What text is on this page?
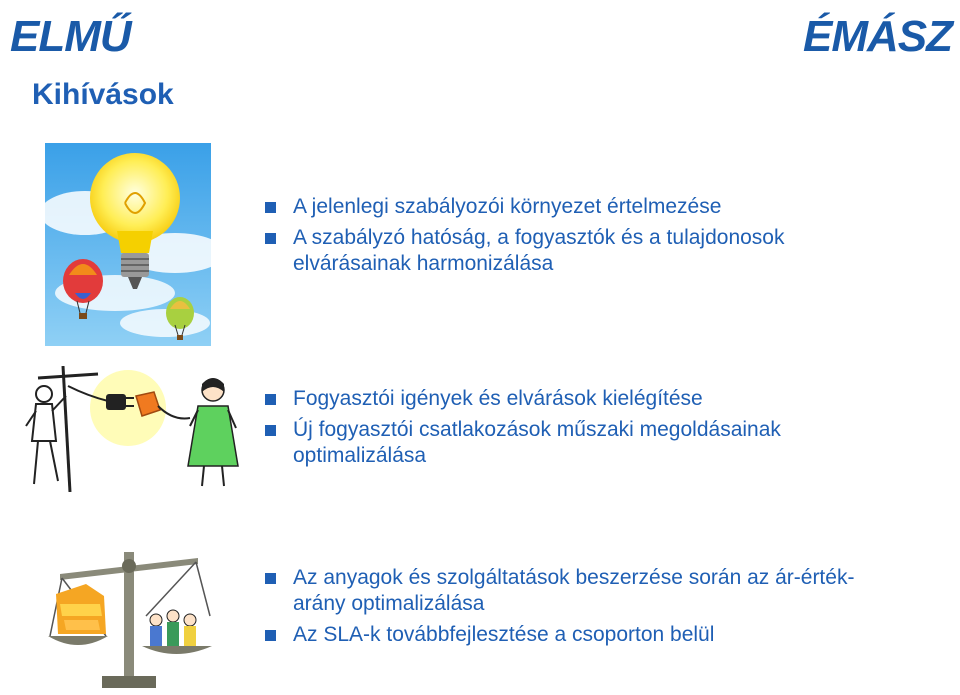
ELMŰ	ÉMÁSZ
Kihívások
A jelenlegi szabályozói környezet értelmezése
A szabályzó hatóság, a fogyasztók és a tulajdonosok elvárásainak harmonizálása
Fogyasztói igények és elvárások kielégítése
Új fogyasztói csatlakozások műszaki megoldásainak optimalizálása
Az anyagok és szolgáltatások beszerzése során az ár-érték-arány optimalizálása
Az SLA-k továbbfejlesztése a csoporton belül
